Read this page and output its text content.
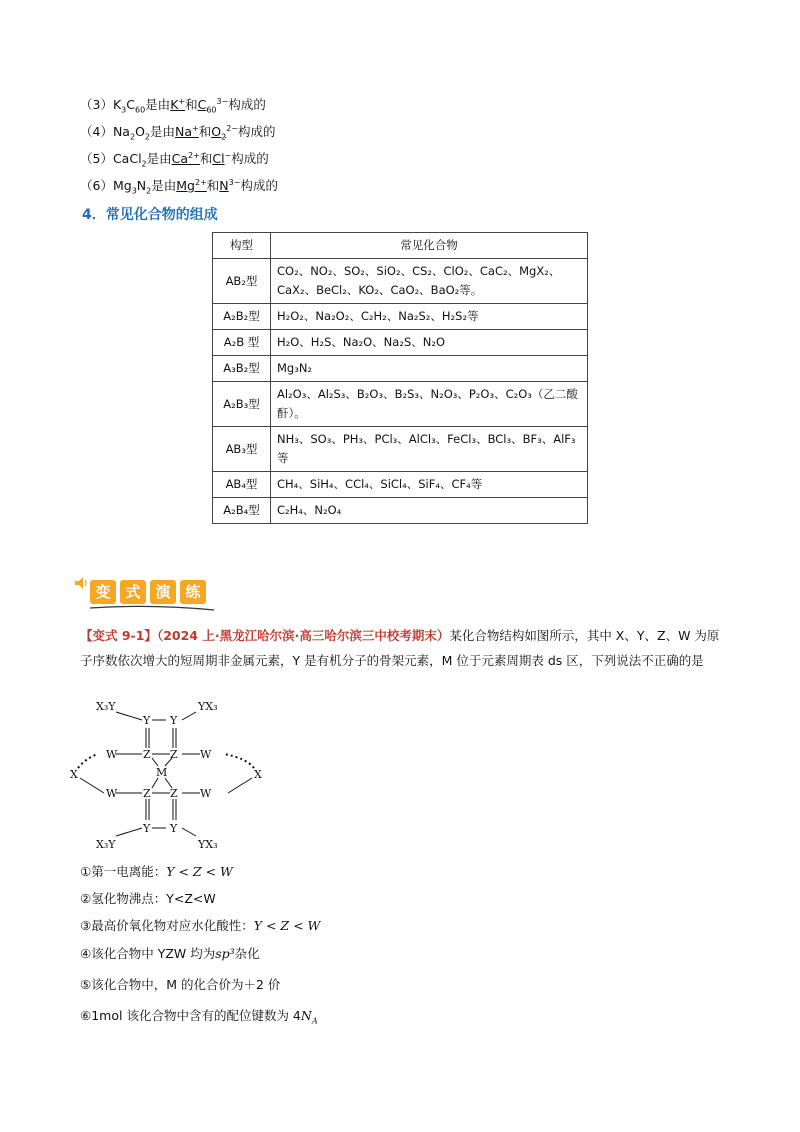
$(3)K_3C_{60}$是由K+和$C_{60}^{3-}$构成的
$(4)Na_2O_2$是由Na+和$O_2^{2-}$构成的
（5）CaCl$_2$是由$Ca^{2+}$和Cl−构成的
$(6)Mg_3N_2$是由$Mg^{2+}$和$N^{3-}$构成的
4．常见化合物的组成
构型	常见化合物
AB₂型	CO₂、NO₂、SO₂、SiO₂、CS₂、ClO₂、CaC₂、MgX₂、CaX₂、BeCl₂、KO₂、CaO₂、BaO₂等。
A₂B₂型	H₂O₂、Na₂O₂、C₂H₂、Na₂S₂、H₂S₂等
A₂B 型	H₂O、H₂S、Na₂O、Na₂S、N₂O
A₃B₂型	Mg₃N₂
A₂B₃型	Al₂O₃、Al₂S₃、B₂O₃、B₂S₃、N₂O₃、P₂O₃、C₂O₃（乙二酸酐）。
AB₃型	NH₃、SO₃、PH₃、PCl₃、AlCl₃、FeCl₃、BCl₃、BF₃、AlF₃等
AB₄型	CH₄、SiH₄、CCl₄、SiCl₄、SiF₄、CF₄等
A₂B₄型	C₂H₄、N₂O₄
变 式 演 练
【变式 9-1】（2024 上·黑龙江哈尔滨·高三哈尔滨三中校考期末）某化合物结构如图所示，其中 X、Y、Z、W 为原子序数依次增大的短周期非金属元素，Y 是有机分子的骨架元素，M 位于元素周期表 ds 区，下列说法不正确的是
X₃Y	YX₃
Y Y
Z Z
W	W
M
X	X
W	W
Z Z
Y Y
X₃Y	YX₃
①第一电离能：Y < Z < W
②氢化物沸点：Y<Z<W
③最高价氧化物对应水化酸性：Y < Z < W
④该化合物中 YZW 均为sp³杂化
⑤该化合物中，M 的化合价为＋2 价
⑥1mol 该化合物中含有的配位键数为 $4N_A$
